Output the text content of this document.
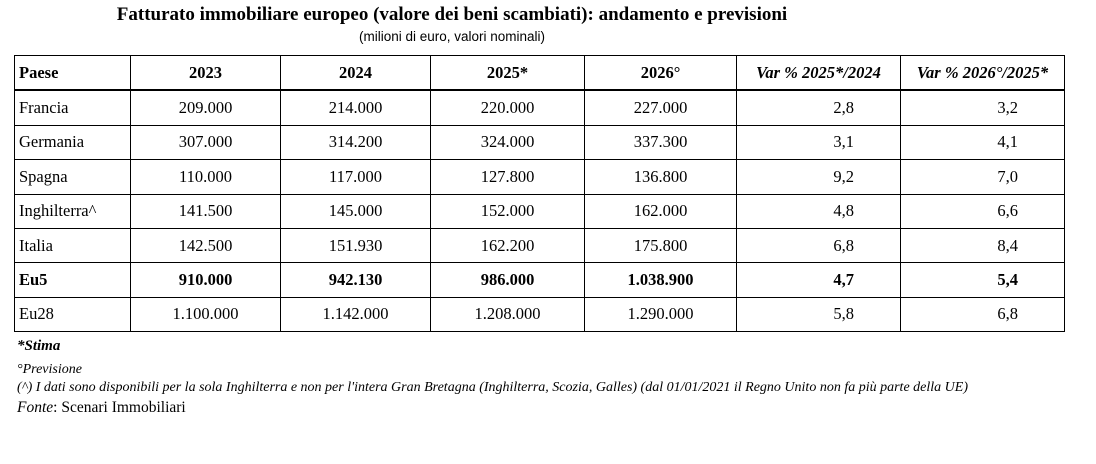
Fatturato immobiliare europeo (valore dei beni scambiati): andamento e previsioni
(milioni di euro, valori nominali)
Paese	2023	2024	2025*	2026°	Var % 2025*/2024	Var % 2026°/2025*
Francia	209.000	214.000	220.000	227.000	2,8	3,2
Germania	307.000	314.200	324.000	337.300	3,1	4,1
Spagna	110.000	117.000	127.800	136.800	9,2	7,0
Inghilterra^	141.500	145.000	152.000	162.000	4,8	6,6
Italia	142.500	151.930	162.200	175.800	6,8	8,4
Eu5	910.000	942.130	986.000	1.038.900	4,7	5,4
Eu28	1.100.000	1.142.000	1.208.000	1.290.000	5,8	6,8
*Stima
°Previsione
(^) I dati sono disponibili per la sola Inghilterra e non per l'intera Gran Bretagna (Inghilterra, Scozia, Galles) (dal 01/01/2021 il Regno Unito non fa più parte della UE)
Fonte: Scenari Immobiliari
